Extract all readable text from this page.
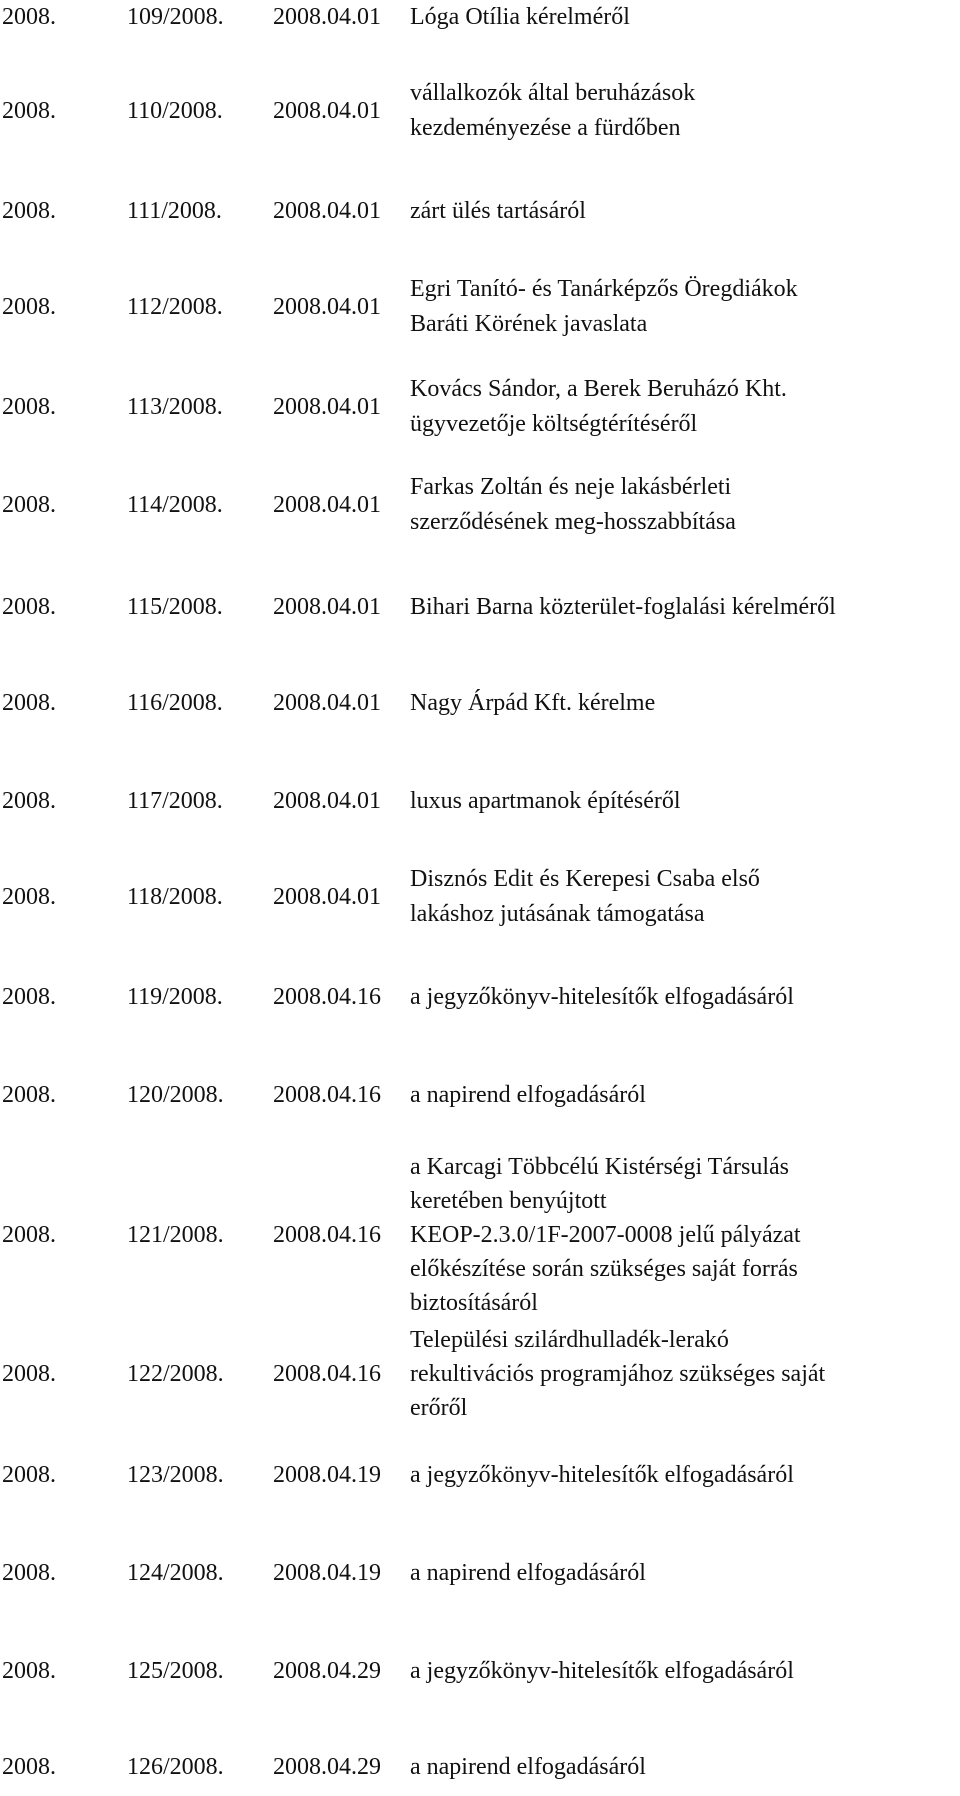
2008.	109/2008. 2008.04.01 Lóga Otília kérelméről
2008.	110/2008. 2008.04.01
vállalkozók által beruházások
kezdeményezése a fürdőben
2008.	111/2008. 2008.04.01 zárt ülés tartásáról
2008.	112/2008. 2008.04.01
Egri Tanító- és Tanárképzős Öregdiákok
Baráti Körének javaslata
2008.	113/2008. 2008.04.01
Kovács Sándor, a Berek Beruházó Kht.
ügyvezetője költségtérítéséről
2008.	114/2008. 2008.04.01
Farkas Zoltán és neje lakásbérleti
szerződésének meg-hosszabbítása
2008.	115/2008. 2008.04.01 Bihari Barna közterület-foglalási kérelméről
2008.	116/2008. 2008.04.01 Nagy Árpád Kft. kérelme
2008.	117/2008. 2008.04.01 luxus apartmanok építéséről
2008.	118/2008. 2008.04.01
Disznós Edit és Kerepesi Csaba első
lakáshoz jutásának támogatása
2008.	119/2008. 2008.04.16 a jegyzőkönyv-hitelesítők elfogadásáról
2008.	120/2008. 2008.04.16 a napirend elfogadásáról
2008.	121/2008. 2008.04.16
a Karcagi Többcélú Kistérségi Társulás
keretében benyújtott
KEOP-2.3.0/1F-2007-0008 jelű pályázat
előkészítése során szükséges saját forrás
biztosításáról
2008.	122/2008. 2008.04.16
Települési szilárdhulladék-lerakó
rekultivációs programjához szükséges saját
erőről
2008.	123/2008. 2008.04.19 a jegyzőkönyv-hitelesítők elfogadásáról
2008.	124/2008. 2008.04.19 a napirend elfogadásáról
2008.	125/2008. 2008.04.29 a jegyzőkönyv-hitelesítők elfogadásáról
2008.	126/2008. 2008.04.29 a napirend elfogadásáról
